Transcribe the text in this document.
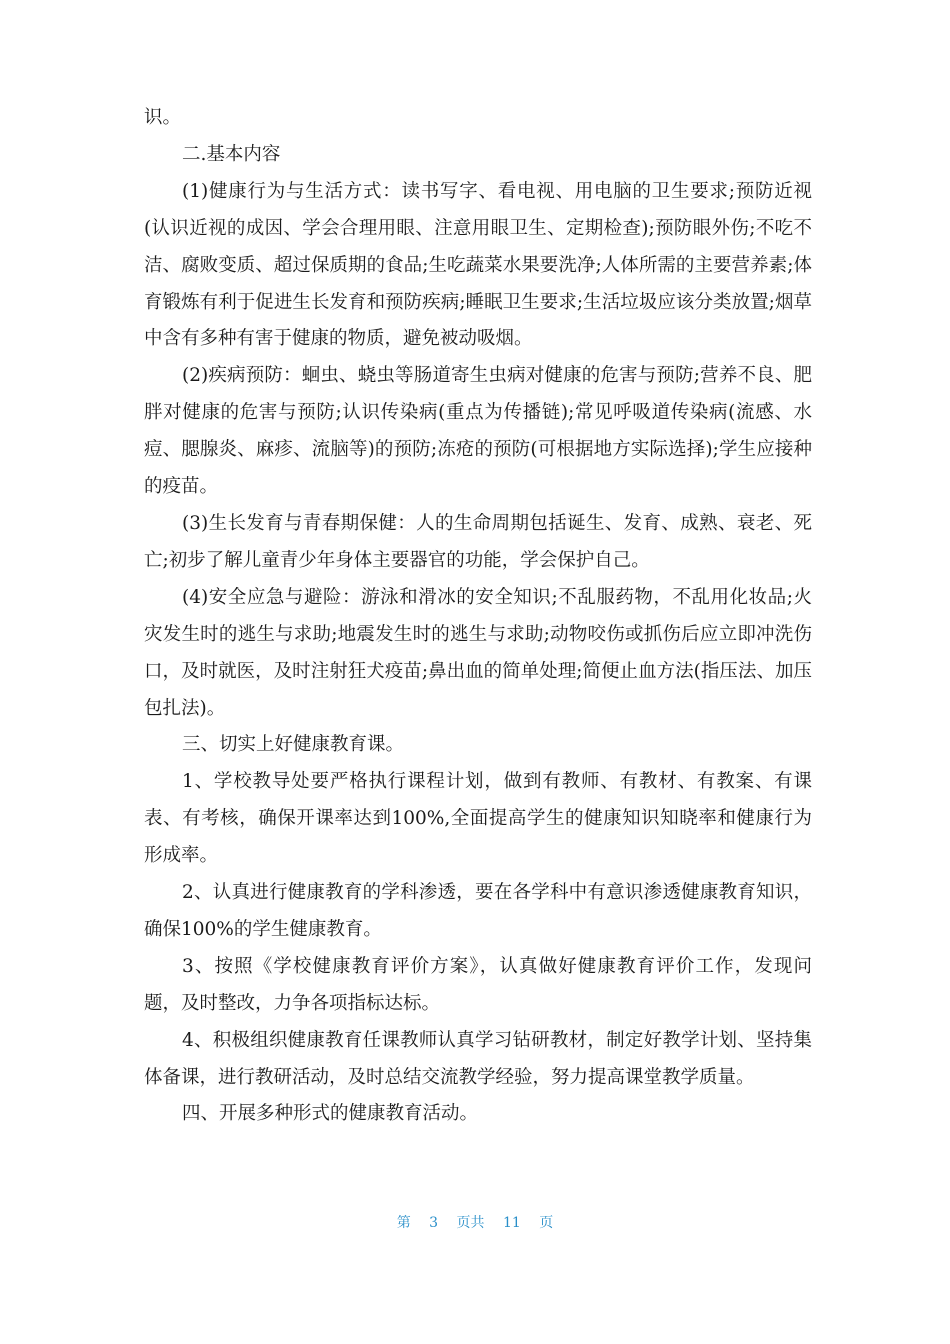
识。

二.基本内容

(1)健康行为与生活方式：读书写字、看电视、用电脑的卫生要求;预防近视(认识近视的成因、学会合理用眼、注意用眼卫生、定期检查);预防眼外伤;不吃不洁、腐败变质、超过保质期的食品;生吃蔬菜水果要洗净;人体所需的主要营养素;体育锻炼有利于促进生长发育和预防疾病;睡眠卫生要求;生活垃圾应该分类放置;烟草中含有多种有害于健康的物质，避免被动吸烟。

(2)疾病预防：蛔虫、蛲虫等肠道寄生虫病对健康的危害与预防;营养不良、肥胖对健康的危害与预防;认识传染病(重点为传播链);常见呼吸道传染病(流感、水痘、腮腺炎、麻疹、流脑等)的预防;冻疮的预防(可根据地方实际选择);学生应接种的疫苗。

(3)生长发育与青春期保健：人的生命周期包括诞生、发育、成熟、衰老、死亡;初步了解儿童青少年身体主要器官的功能，学会保护自己。

(4)安全应急与避险：游泳和滑冰的安全知识;不乱服药物，不乱用化妆品;火灾发生时的逃生与求助;地震发生时的逃生与求助;动物咬伤或抓伤后应立即冲洗伤口，及时就医，及时注射狂犬疫苗;鼻出血的简单处理;简便止血方法(指压法、加压包扎法)。

三、切实上好健康教育课。

1、学校教导处要严格执行课程计划，做到有教师、有教材、有教案、有课表、有考核，确保开课率达到100%,全面提高学生的健康知识知晓率和健康行为形成率。

2、认真进行健康教育的学科渗透，要在各学科中有意识渗透健康教育知识，确保100%的学生健康教育。

3、按照《学校健康教育评价方案》，认真做好健康教育评价工作，发现问题，及时整改，力争各项指标达标。

4、积极组织健康教育任课教师认真学习钻研教材，制定好教学计划、坚持集体备课，进行教研活动，及时总结交流教学经验，努力提高课堂教学质量。

四、开展多种形式的健康教育活动。

第 3 页共 11 页
